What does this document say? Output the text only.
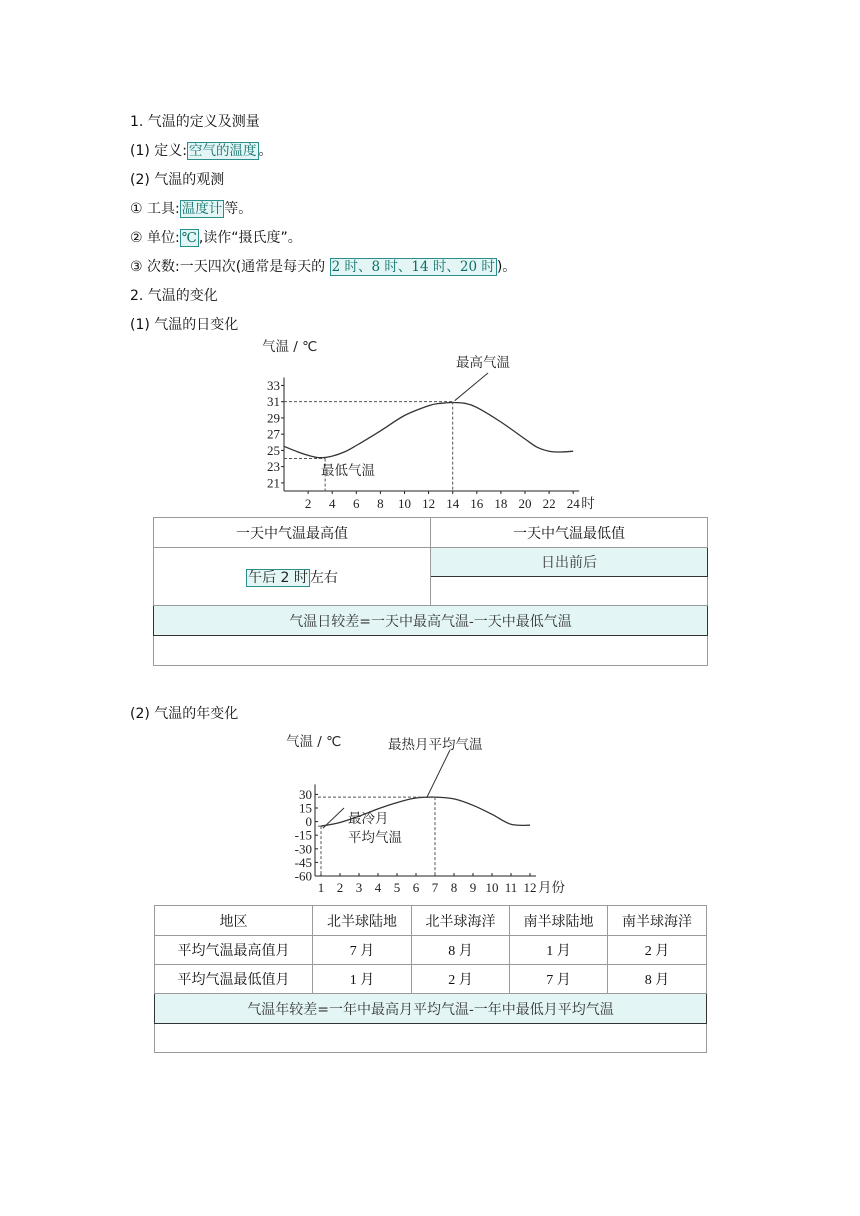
1. 气温的定义及测量
(1) 定义: 空气的温度 。
(2) 气温的观测
① 工具: 温度计 等。
② 单位: ℃ ,读作“摄氏度”。
③ 次数:一天四次(通常是每天的 2 时、8 时、14 时、20 时 )。
2. 气温的变化
(1) 气温的日变化
气温 / ℃
21
23
25
27
29
31
33
2 4 6 8 10 12 14 16 18 20 22 24 时
最高气温
最低气温
一天中气温最高值	一天中气温最低值
午后 2 时 左右	日出前后

气温日较差=一天中最高气温-一天中最低气温	

(2) 气温的年变化
气温 / ℃
30
15
0
-15
-30
-45
-60
1 2 3 4 5 6 7 8 9 10 11 12 月份
最热月平均气温
最冷月
平均气温
地区	北半球陆地	北半球海洋	南半球陆地	南半球海洋
平均气温最高值月	7 月	8 月	1 月	2 月
平均气温最低值月	1 月	2 月	7 月	8 月
气温年较差=一年中最高月平均气温-一年中最低月平均气温				
